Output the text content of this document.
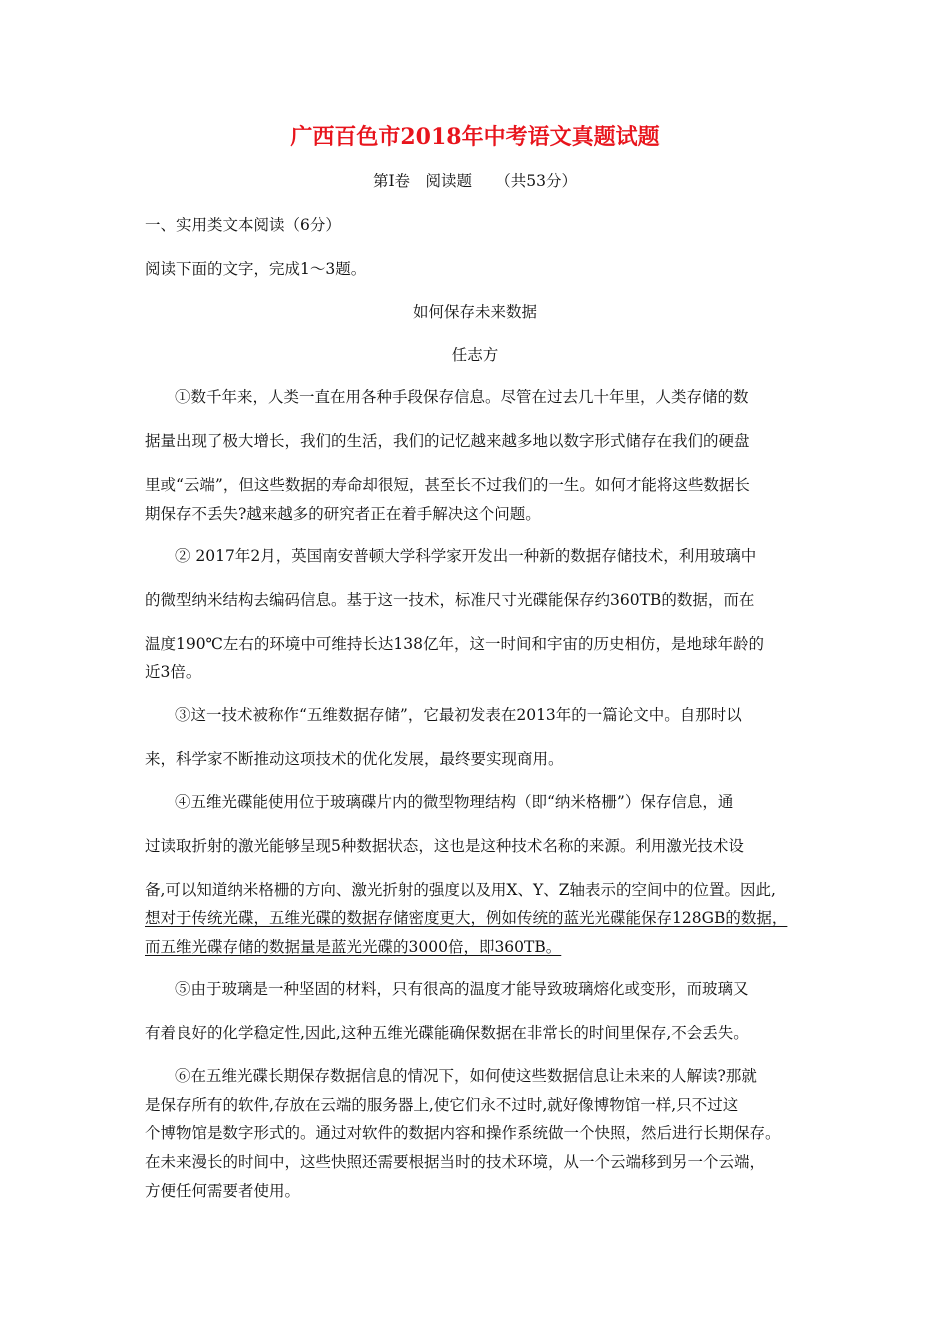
广西百色市2018年中考语文真题试题
第Ⅰ卷　阅读题　　（共53分）
一、实用类文本阅读（6分）
阅读下面的文字，完成1～3题。
如何保存未来数据
任志方
①数千年来，人类一直在用各种手段保存信息。尽管在过去几十年里，人类存储的数
据量出现了极大增长，我们的生活，我们的记忆越来越多地以数字形式储存在我们的硬盘
里或“云端”，但这些数据的寿命却很短，甚至长不过我们的一生。如何才能将这些数据长
期保存不丢失?越来越多的研究者正在着手解决这个问题。
② 2017年2月，英国南安普顿大学科学家开发出一种新的数据存储技术，利用玻璃中
的微型纳米结构去编码信息。基于这一技术，标准尺寸光碟能保存约360TB的数据，而在
温度190℃左右的环境中可维持长达138亿年，这一时间和宇宙的历史相仿，是地球年龄的
近3倍。
③这一技术被称作“五维数据存储”，它最初发表在2013年的一篇论文中。自那时以
来，科学家不断推动这项技术的优化发展，最终要实现商用。
④五维光碟能使用位于玻璃碟片内的微型物理结构（即“纳米格栅”）保存信息，通
过读取折射的激光能够呈现5种数据状态，这也是这种技术名称的来源。利用激光技术设
备,可以知道纳米格栅的方向、激光折射的强度以及用X、Y、Z轴表示的空间中的位置。因此,
想对于传统光碟，五维光碟的数据存储密度更大，例如传统的蓝光光碟能保存128GB的数据，
而五维光碟存储的数据量是蓝光光碟的3000倍，即360TB。
⑤由于玻璃是一种坚固的材料，只有很高的温度才能导致玻璃熔化或变形，而玻璃又
有着良好的化学稳定性,因此,这种五维光碟能确保数据在非常长的时间里保存,不会丢失。
⑥在五维光碟长期保存数据信息的情况下，如何使这些数据信息让未来的人解读?那就
是保存所有的软件,存放在云端的服务器上,使它们永不过时,就好像博物馆一样,只不过这
个博物馆是数字形式的。通过对软件的数据内容和操作系统做一个快照，然后进行长期保存。
在未来漫长的时间中，这些快照还需要根据当时的技术环境，从一个云端移到另一个云端，
方便任何需要者使用。
